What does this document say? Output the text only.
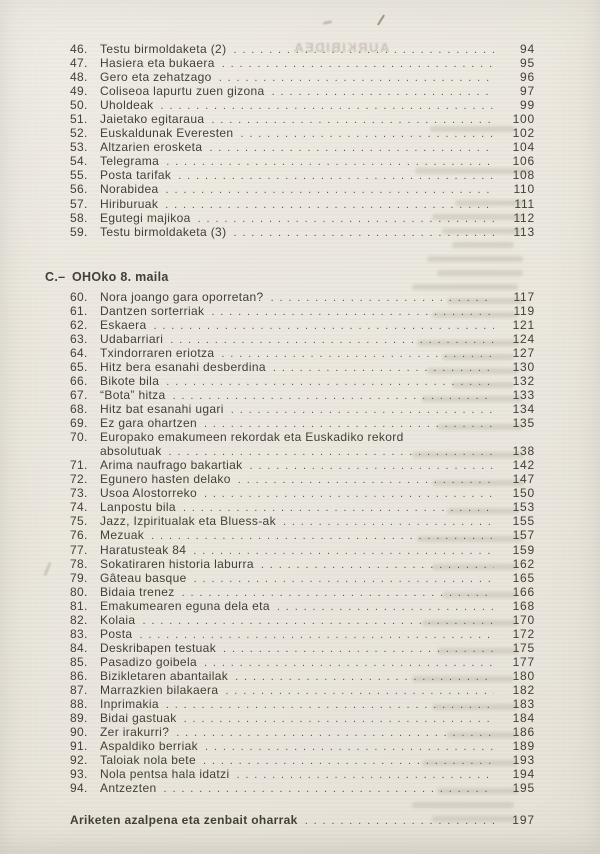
AURKIBIDEA
46.	Testu birmoldaketa (2) . . .	94
47.	Hasiera eta bukaera . . .	95
48.	Gero eta zehatzago . . .	96
49.	Coliseoa lapurtu zuen gizona . . .	97
50.	Uholdeak . . .	99
51.	Jaietako egitaraua . . .	100
52.	Euskaldunak Everesten . . .	102
53.	Altzarien erosketa . . .	104
54.	Telegrama . . .	106
55.	Posta tarifak . . .	108
56.	Norabidea . . .	110
57.	Hiriburuak . . .	111
58.	Egutegi majikoa . . .	112
59.	Testu birmoldaketa (3) . . .	113
C.– OHOko 8. maila
60.	Nora joango gara oporretan? . . .	117
61.	Dantzen sorterriak . . .	119
62.	Eskaera . . .	121
63.	Udabarriari . . .	124
64.	Txindorraren eriotza . . .	127
65.	Hitz bera esanahi desberdina . . .	130
66.	Bikote bila . . .	132
67.	“Bota” hitza . . .	133
68.	Hitz bat esanahi ugari . . .	134
69.	Ez gara ohartzen . . .	135
70.	Europako emakumeen rekordak eta Euskadiko rekord
absolutuak . . .	138
71.	Arima naufrago bakartiak . . .	142
72.	Egunero hasten delako . . .	147
73.	Usoa Alostorreko . . .	150
74.	Lanpostu bila . . .	153
75.	Jazz, Izpiritualak eta Bluess-ak . . .	155
76.	Mezuak . . .	157
77.	Haratusteak 84 . . .	159
78.	Sokatiraren historia laburra . . .	162
79.	Gâteau basque . . .	165
80.	Bidaia trenez . . .	166
81.	Emakumearen eguna dela eta . . .	168
82.	Kolaia . . .	170
83.	Posta . . .	172
84.	Deskribapen testuak . . .	175
85.	Pasadizo goibela . . .	177
86.	Bizikletaren abantailak . . .	180
87.	Marrazkien bilakaera . . .	182
88.	Inprimakia . . .	183
89.	Bidai gastuak . . .	184
90.	Zer irakurri? . . .	186
91.	Aspaldiko berriak . . .	189
92.	Taloiak nola bete . . .	193
93.	Nola pentsa hala idatzi . . .	194
94.	Antzezten . . .	195
Ariketen azalpena eta zenbait oharrak . . .	197
